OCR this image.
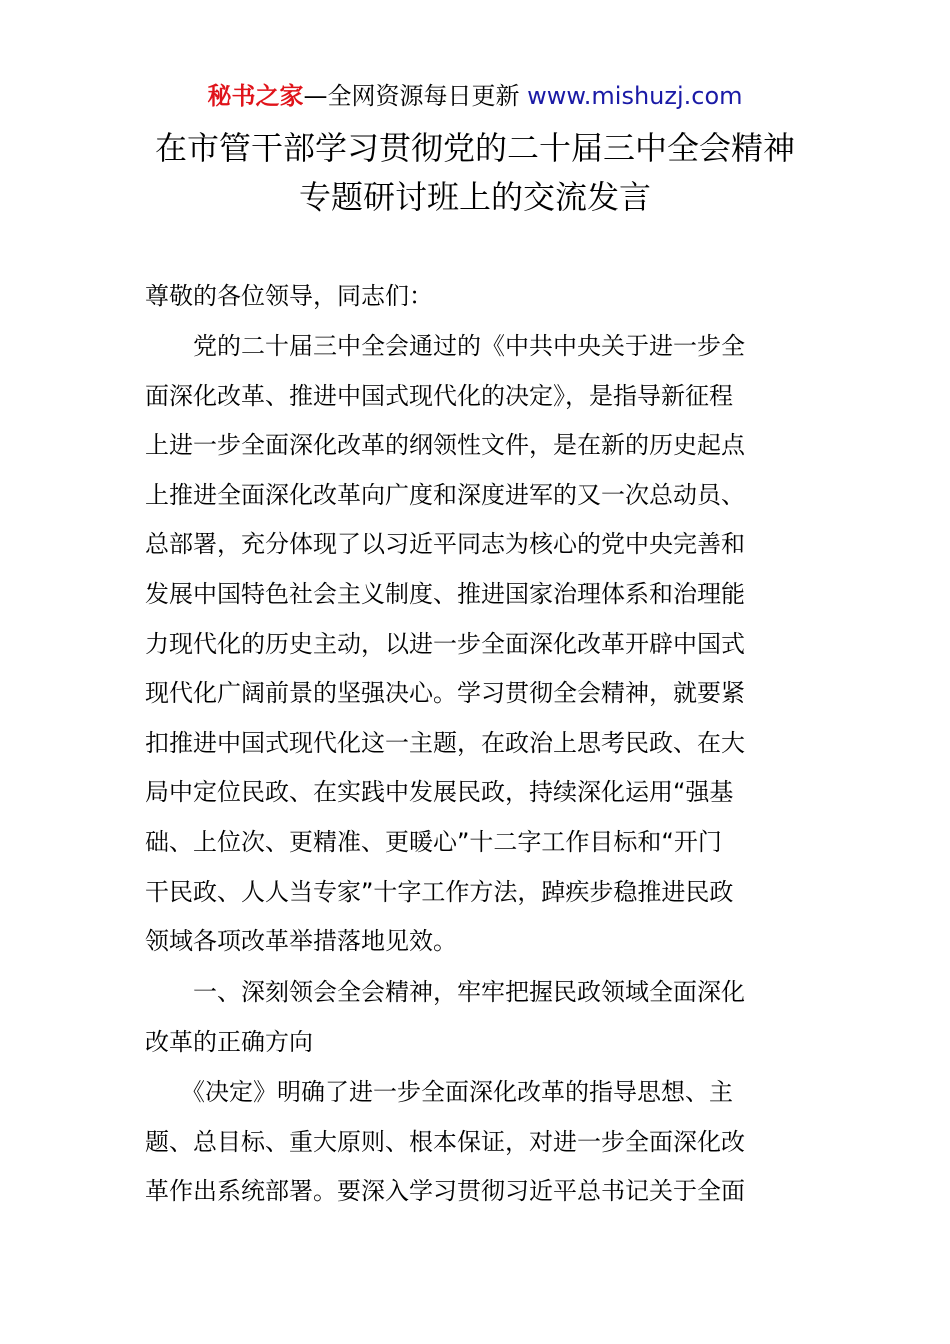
秘书之家—全网资源每日更新 www.mishuzj.com
在市管干部学习贯彻党的二十届三中全会精神
专题研讨班上的交流发言
尊敬的各位领导，同志们：
　　党的二十届三中全会通过的《中共中央关于进一步全
面深化改革、推进中国式现代化的决定》，是指导新征程
上进一步全面深化改革的纲领性文件，是在新的历史起点
上推进全面深化改革向广度和深度进军的又一次总动员、
总部署，充分体现了以习近平同志为核心的党中央完善和
发展中国特色社会主义制度、推进国家治理体系和治理能
力现代化的历史主动，以进一步全面深化改革开辟中国式
现代化广阔前景的坚强决心。学习贯彻全会精神，就要紧
扣推进中国式现代化这一主题，在政治上思考民政、在大
局中定位民政、在实践中发展民政，持续深化运用“强基
础、上位次、更精准、更暖心”十二字工作目标和“开门
干民政、人人当专家”十字工作方法，踔疾步稳推进民政
领域各项改革举措落地见效。
　　一、深刻领会全会精神，牢牢把握民政领域全面深化
改革的正确方向
　　《决定》明确了进一步全面深化改革的指导思想、主
题、总目标、重大原则、根本保证，对进一步全面深化改
革作出系统部署。要深入学习贯彻习近平总书记关于全面
